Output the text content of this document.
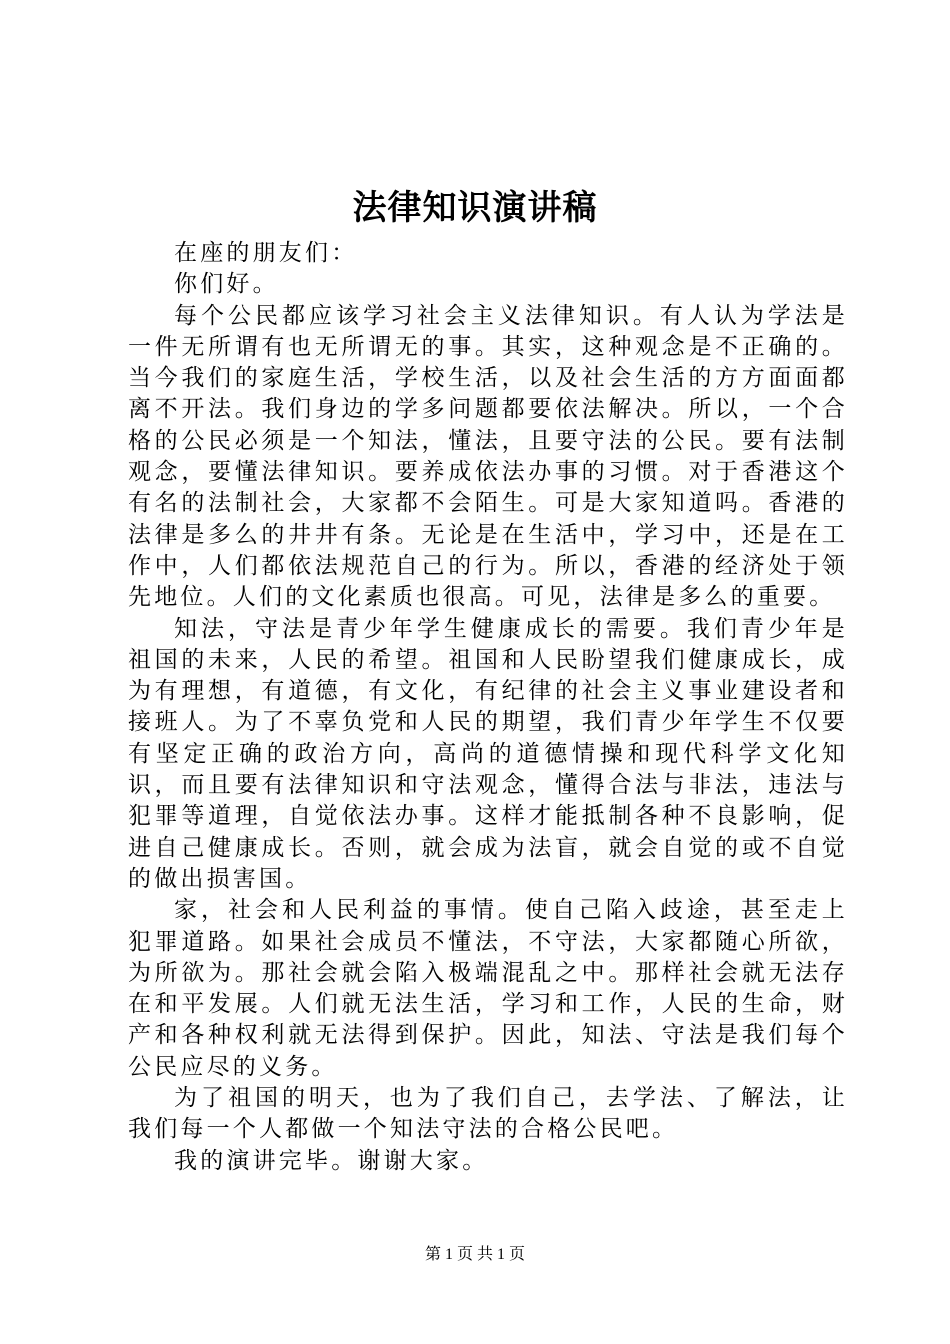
法律知识演讲稿

在座的朋友们：

你们好。

每个公民都应该学习社会主义法律知识。有人认为学法是一件无所谓有也无所谓无的事。其实，这种观念是不正确的。当今我们的家庭生活，学校生活，以及社会生活的方方面面都离不开法。我们身边的学多问题都要依法解决。所以，一个合格的公民必须是一个知法，懂法，且要守法的公民。要有法制观念，要懂法律知识。要养成依法办事的习惯。对于香港这个有名的法制社会，大家都不会陌生。可是大家知道吗。香港的法律是多么的井井有条。无论是在生活中，学习中，还是在工作中，人们都依法规范自己的行为。所以，香港的经济处于领先地位。人们的文化素质也很高。可见，法律是多么的重要。

知法，守法是青少年学生健康成长的需要。我们青少年是祖国的未来，人民的希望。祖国和人民盼望我们健康成长，成为有理想，有道德，有文化，有纪律的社会主义事业建设者和接班人。为了不辜负党和人民的期望，我们青少年学生不仅要有坚定正确的政治方向，高尚的道德情操和现代科学文化知识，而且要有法律知识和守法观念，懂得合法与非法，违法与犯罪等道理，自觉依法办事。这样才能抵制各种不良影响，促进自己健康成长。否则，就会成为法盲，就会自觉的或不自觉的做出损害国。

家，社会和人民利益的事情。使自己陷入歧途，甚至走上犯罪道路。如果社会成员不懂法，不守法，大家都随心所欲，为所欲为。那社会就会陷入极端混乱之中。那样社会就无法存在和平发展。人们就无法生活，学习和工作，人民的生命，财产和各种权利就无法得到保护。因此，知法、守法是我们每个公民应尽的义务。

为了祖国的明天，也为了我们自己，去学法、了解法，让我们每一个人都做一个知法守法的合格公民吧。

我的演讲完毕。谢谢大家。

第 1 页 共 1 页
